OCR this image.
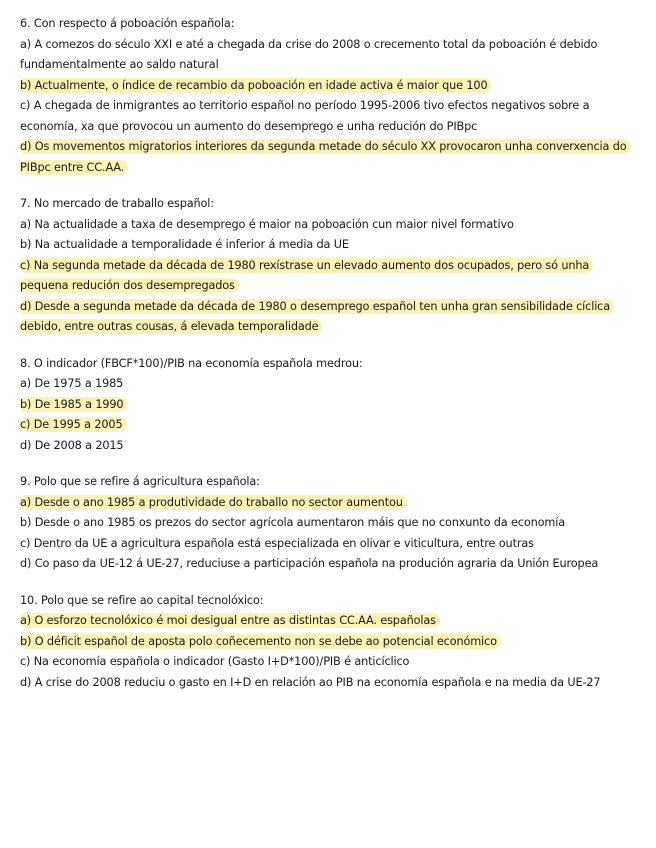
6. Con respecto á poboación española:

a) A comezos do século XXI e até a chegada da crise do 2008 o crecemento total da poboación é debido fundamentalmente ao saldo natural

b) Actualmente, o índice de recambio da poboación en idade activa é maior que 100

c) A chegada de inmigrantes ao territorio español no período 1995-2006 tivo efectos negativos sobre a economía, xa que provocou un aumento do desemprego e unha redución do PIBpc

d) Os movementos migratorios interiores da segunda metade do século XX provocaron unha converxencia do PIBpc entre CC.AA.

7. No mercado de traballo español:

a) Na actualidade a taxa de desemprego é maior na poboación cun maior nivel formativo

b) Na actualidade a temporalidade é inferior á media da UE

c) Na segunda metade da década de 1980 rexístrase un elevado aumento dos ocupados, pero só unha pequena redución dos desempregados

d) Desde a segunda metade da década de 1980 o desemprego español ten unha gran sensibilidade cíclica debido, entre outras cousas, á elevada temporalidade

8. O indicador (FBCF*100)/PIB na economía española medrou:

a) De 1975 a 1985

b) De 1985 a 1990

c) De 1995 a 2005

d) De 2008 a 2015

9. Polo que se refire á agricultura española:

a) Desde o ano 1985 a produtividade do traballo no sector aumentou

b) Desde o ano 1985 os prezos do sector agrícola aumentaron máis que no conxunto da economía

c) Dentro da UE a agricultura española está especializada en olivar e viticultura, entre outras

d) Co paso da UE-12 á UE-27, reduciuse a participación española na produción agraria da Unión Europea

10. Polo que se refire ao capital tecnolóxico:

a) O esforzo tecnolóxico é moi desigual entre as distintas CC.AA. españolas

b) O déficit español de aposta polo coñecemento non se debe ao potencial económico

c) Na economía española o indicador (Gasto I+D*100)/PIB é anticíclico

d) A crise do 2008 reduciu o gasto en I+D en relación ao PIB na economía española e na media da UE-27
